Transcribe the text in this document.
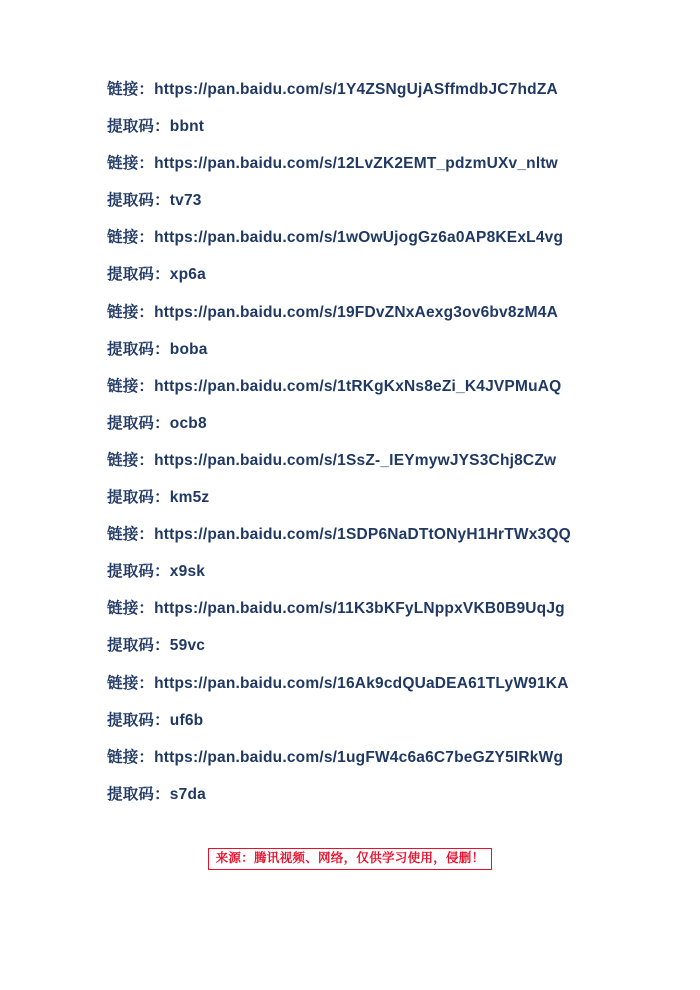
链接：https://pan.baidu.com/s/1Y4ZSNgUjASffmdbJC7hdZA
提取码：bbnt
链接：https://pan.baidu.com/s/12LvZK2EMT_pdzmUXv_nltw
提取码：tv73
链接：https://pan.baidu.com/s/1wOwUjogGz6a0AP8KExL4vg
提取码：xp6a
链接：https://pan.baidu.com/s/19FDvZNxAexg3ov6bv8zM4A
提取码：boba
链接：https://pan.baidu.com/s/1tRKgKxNs8eZi_K4JVPMuAQ
提取码：ocb8
链接：https://pan.baidu.com/s/1SsZ-_IEYmywJYS3Chj8CZw
提取码：km5z
链接：https://pan.baidu.com/s/1SDP6NaDTtONyH1HrTWx3QQ
提取码：x9sk
链接：https://pan.baidu.com/s/11K3bKFyLNppxVKB0B9UqJg
提取码：59vc
链接：https://pan.baidu.com/s/16Ak9cdQUaDEA61TLyW91KA
提取码：uf6b
链接：https://pan.baidu.com/s/1ugFW4c6a6C7beGZY5IRkWg
提取码：s7da
来源：腾讯视频、网络，仅供学习使用，侵删！
